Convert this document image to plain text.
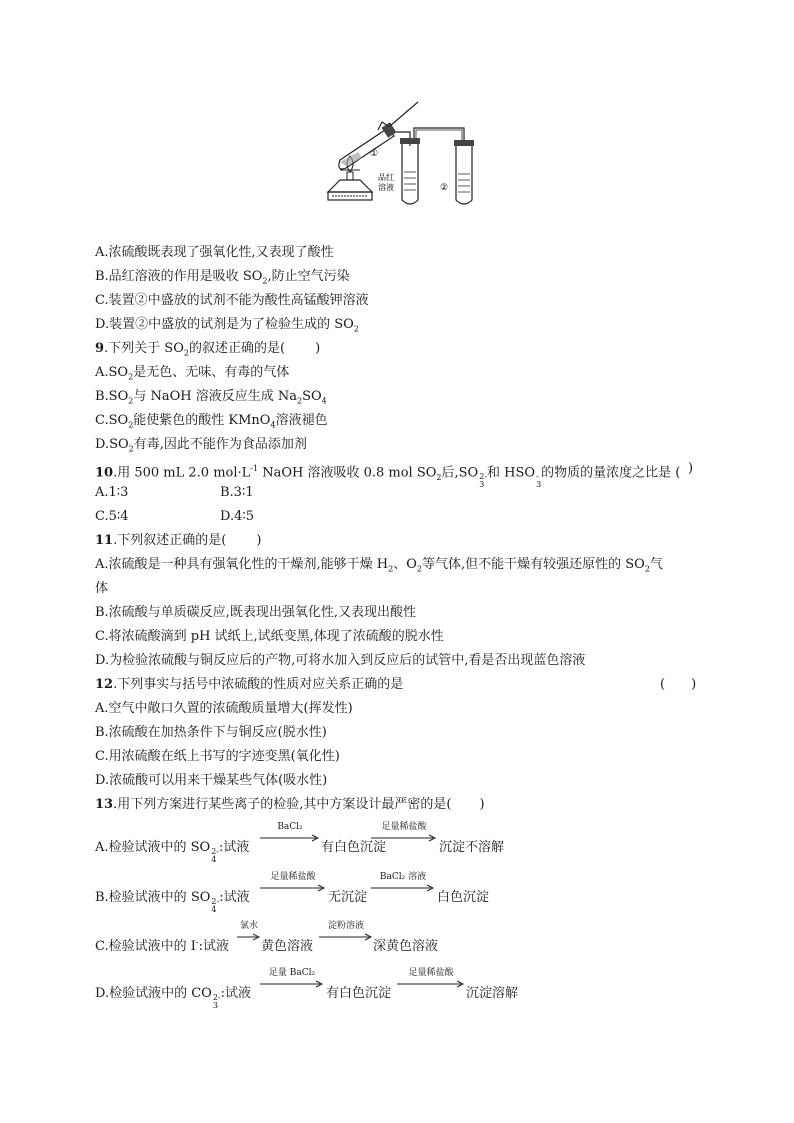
①
品红
溶液	②
A.浓硫酸既表现了强氧化性,又表现了酸性
B.品红溶液的作用是吸收 $SO_2$,防止空气污染
C.装置②中盛放的试剂不能为酸性高锰酸钾溶液
D.装置②中盛放的试剂是为了检验生成的 $SO_2$
9.下列关于 $SO_2$的叙述正确的是( )
$A.SO_2$是无色、无味、有毒的气体
$B.SO_2$与 NaOH 溶液反应生成 $Na_2SO_4$
$C.SO_2$能使紫色的酸性 KMnO$_4$溶液褪色
$D.SO_2$有毒,因此不能作为食品添加剂
10.用 500 mL 2.0 $mol\cdot L^{-1}$ NaOH 溶液吸收 0.8 mol $SO_2$后,SO 2-
3
和 HSO -
3
的物质的量浓度之比是 ( )
A.1∶3	B.3∶1
C.5∶4	D.4∶5
11.下列叙述正确的是( )
A.浓硫酸是一种具有强氧化性的干燥剂,能够干燥 $H_2$、$O_2$等气体,但不能干燥有较强还原性的 $SO_2$气
体
B.浓硫酸与单质碳反应,既表现出强氧化性,又表现出酸性
C.将浓硫酸滴到 pH 试纸上,试纸变黑,体现了浓硫酸的脱水性
D.为检验浓硫酸与铜反应后的产物,可将水加入到反应后的试管中,看是否出现蓝色溶液
12.下列事实与括号中浓硫酸的性质对应关系正确的是	(　　)
A.空气中敞口久置的浓硫酸质量增大(挥发性)
B.浓硫酸在加热条件下与铜反应(脱水性)
C.用浓硫酸在纸上书写的字迹变黑(氧化性)
D.浓硫酸可以用来干燥某些气体(吸水性)
13.用下列方案进行某些离子的检验,其中方案设计最严密的是( )
A.检验试液中的 SO 2-
4
:试液
BaCl₂
有白色沉淀
足量稀盐酸
沉淀不溶解
B.检验试液中的 SO 2-
4
:试液
足量稀盐酸
无沉淀
BaCl₂ 溶液
白色沉淀
C.检验试液中的 I-:试液
氯水
黄色溶液
淀粉溶液
深黄色溶液
D.检验试液中的 CO 2-
3
:试液
足量 BaCl₂
有白色沉淀
足量稀盐酸
沉淀溶解
